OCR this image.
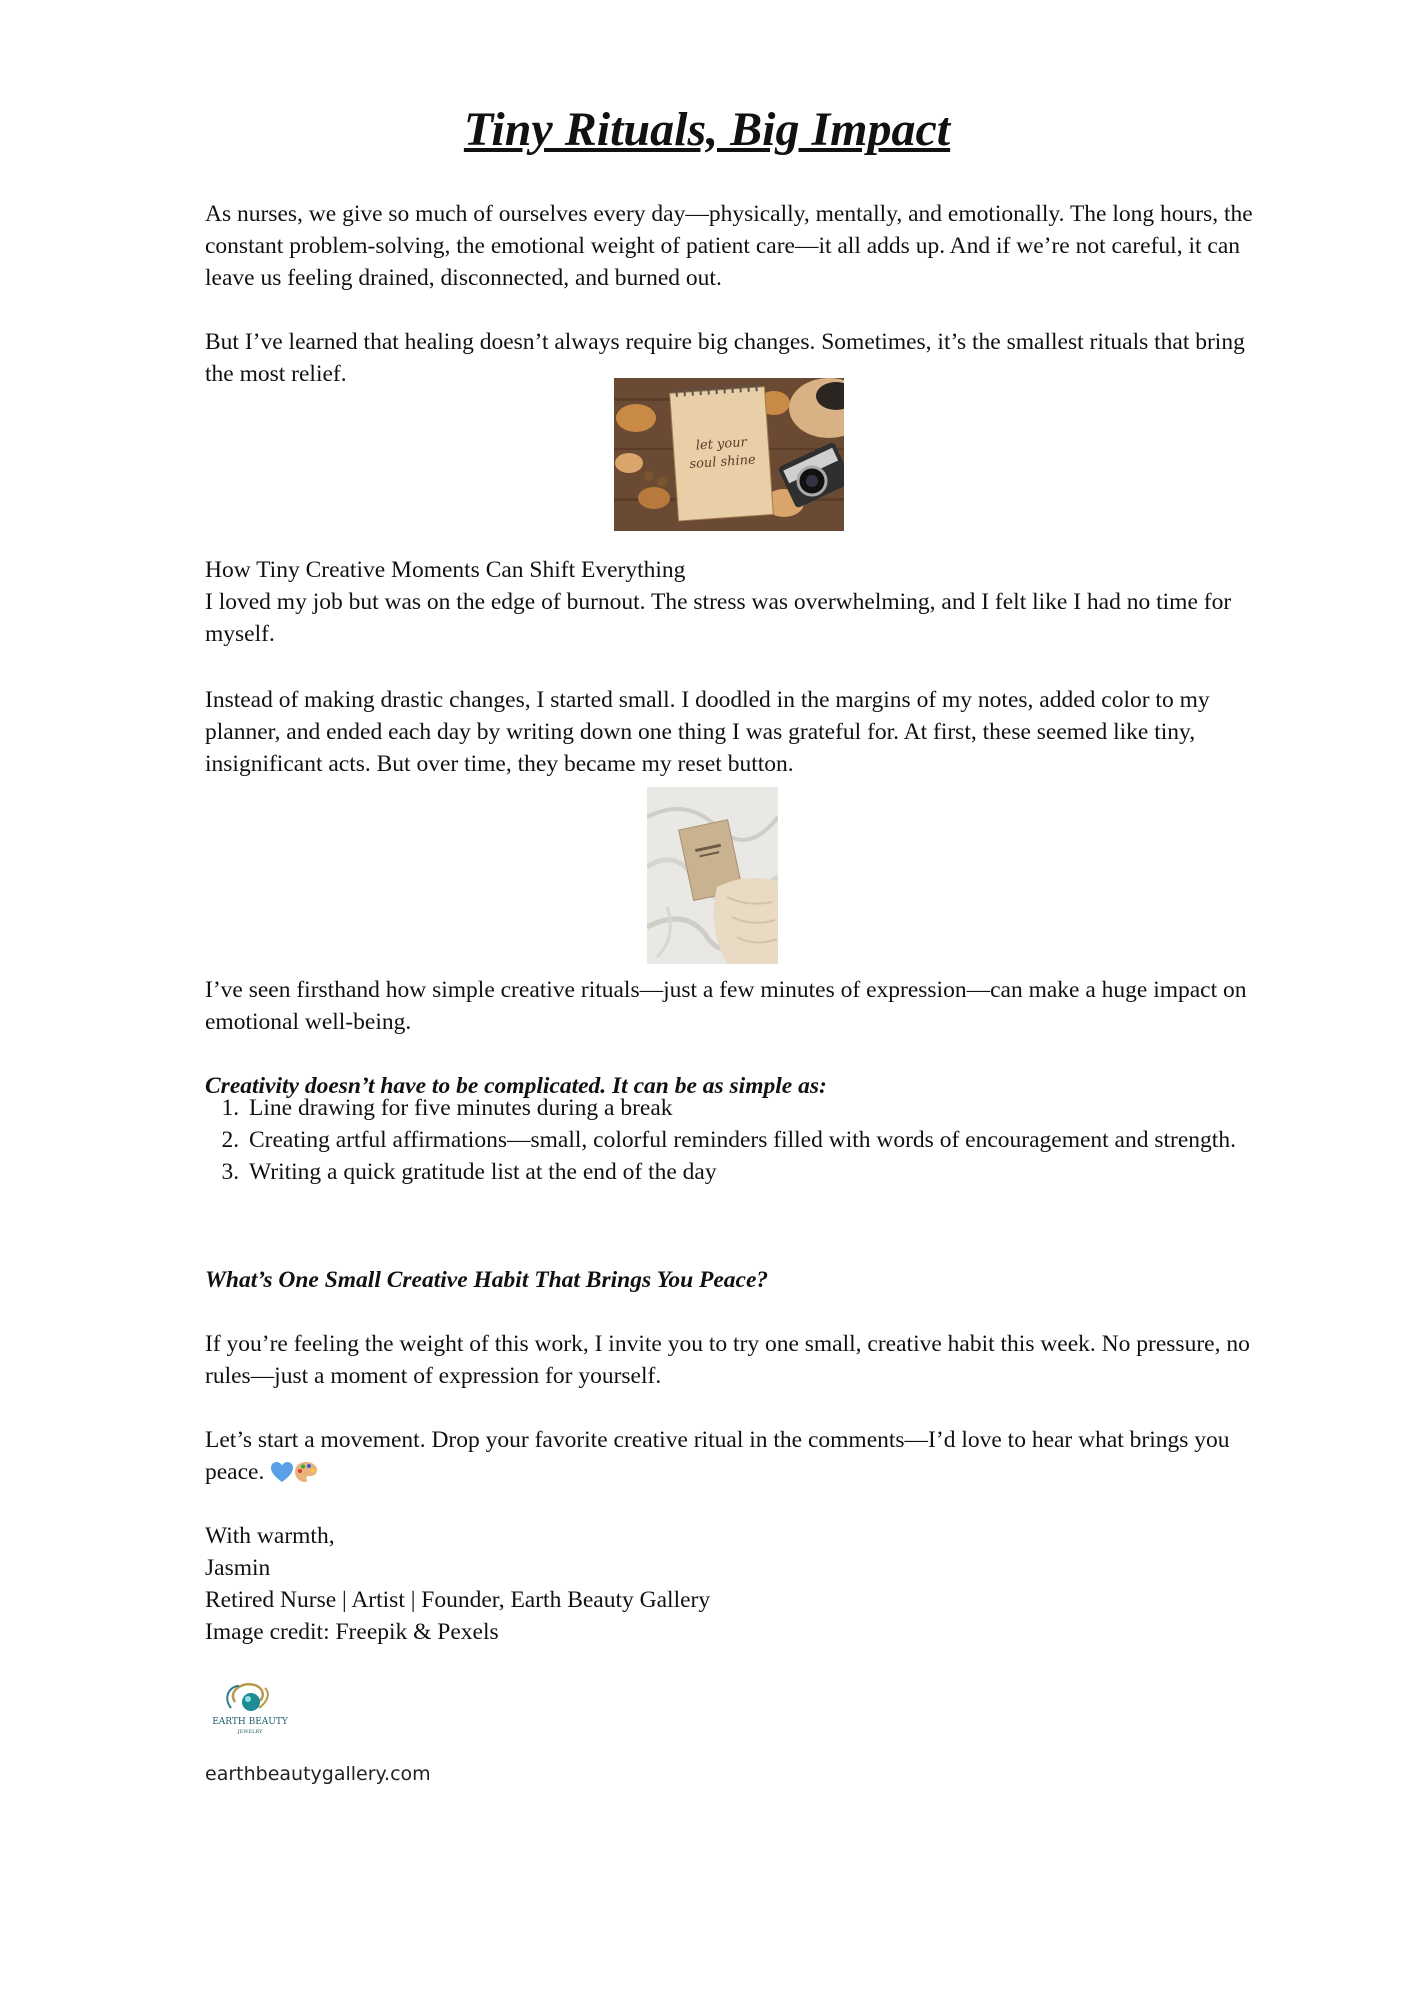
Tiny Rituals, Big Impact

As nurses, we give so much of ourselves every day—physically, mentally, and emotionally. The long hours, the constant problem-solving, the emotional weight of patient care—it all adds up. And if we’re not careful, it can leave us feeling drained, disconnected, and burned out.

But I’ve learned that healing doesn’t always require big changes. Sometimes, it’s the smallest rituals that bring the most relief.

let your
soul shine

How Tiny Creative Moments Can Shift Everything

I loved my job but was on the edge of burnout. The stress was overwhelming, and I felt like I had no time for myself.

Instead of making drastic changes, I started small. I doodled in the margins of my notes, added color to my planner, and ended each day by writing down one thing I was grateful for. At first, these seemed like tiny, insignificant acts. But over time, they became my reset button.

I’ve seen firsthand how simple creative rituals—just a few minutes of expression—can make a huge impact on emotional well-being.

Creativity doesn’t have to be complicated. It can be as simple as:

1. Line drawing for five minutes during a break
2. Creating artful affirmations—small, colorful reminders filled with words of encouragement and strength.
3. Writing a quick gratitude list at the end of the day

What’s One Small Creative Habit That Brings You Peace?

If you’re feeling the weight of this work, I invite you to try one small, creative habit this week. No pressure, no rules—just a moment of expression for yourself.

Let’s start a movement. Drop your favorite creative ritual in the comments—I’d love to hear what brings you peace.

With warmth,

Jasmin

Retired Nurse | Artist | Founder, Earth Beauty Gallery

Image credit: Freepik & Pexels

EARTH BEAUTY
JEWELRY

earthbeautygallery.com
